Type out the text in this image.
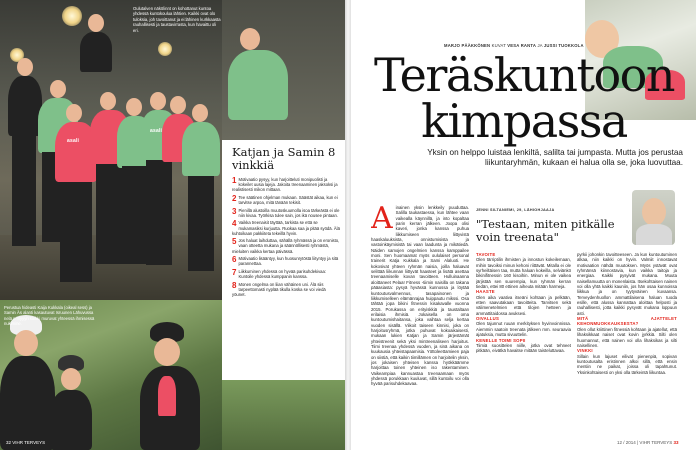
asali
asali
Oulutalven näkölinnt on kohottanut kuntoa yhdessä kuntokoulua lähtien. Kaikki ovat olo tuloksia, joh tavoittanut ja ei:lähinen kurkkaasta rauhallisesti ja taustavirrasta, kun havaittu oli eri.
Katjan ja Samin 8 vinkkiä
1 Motivaatio pysyy, kun harjoitteluti monipuolisti ja kokeilet uusia lajeja. Jakoita treenaaminen jaksoksi ja realistisesti mikon mittaan.
2 Tee säätinen ohjelman mukaan. Säästät aikaa, kun ei tarvitse arpoa, mitä tänään tekisit.
3 Pienillä alustoilla muutoskuumolla isoa tärkeästä ei ole niin kivaa. Työrkisa tulee sain, jos ikä nousee pintaan.
4 Vaikka treenaisit täyttää, tarkista se että se mukamasiksi kurjuutta. Ruokaa saa ja pitää syödä. Älä kuhtoikaan pakkiiteta tekeillä hyvin.
5 Jos haluat laihduttaa, sähällä ryhmässä ja on eronisto, vaan otteetta mukana ja säännöllisesti ryhmästä, mieluiten vaikka kertaa päivässä.
6 Motivaatio lisääntyy, kun huosunrytöstä liityntyy ja sitä parannettaa.
7 Liikkuminen yhdessä on hyvää parisuhdekivaa: Kuntoile yhdessä kumppanin kanssa.
8 Monen ongelma on liian vähäinen uni. Älä siis tarpeettomasti nyplää tikulla koska se voi viedä yöunet.
Perustua hideasti Kaija Kukkala (oikeal sess) ja Samin Äs alanti kasautuvat Isruunen Lähuvussa nelä n myyyn kaikki muruvat yhteessä ihmisessä nukimine.
32 VIHR TERVEYS
MARJO PÄÄKKÖNEN KUVAT VESA RANTA JA JUSSI TUOKKOLA
Teräskuntoon
kimpassa
Yksin on helppo luistaa lenkiltä, salilta tai jumpasta. Mutta jos perustaa liikuntaryhmän, kukaan ei halua olla se, joka luovuttaa.
Ainainen yksin lenkkeily puuduttaa. Salilla taukastaessa, kun lähtee vaan vaikealla käynnillä, ja into kopaltaa parin kerran jälkeen. Joopa olisi kaveri, jonka kanssa puhua liikkumiseen liittyvistä haaskaluuksista, onnistumisista ja vastoinkäymisistä tai vaan laadunta ja mikätiedä. Näiden samojen ongelmien kanssa kamppailee moni. Sen huomaamat myös oululaiset personal trainerit Katja Kukkala ja Sami Alaluoti. He kokosivat yhteen ryhmän naisia, joilla haluavat selittää liikunnan liittyvät haasteet ja lisätä asettaa treenaamiselle kovan tavoitteen. Hulluinaanna aloittaneet Pelaa! Fitness -tiimin naisilla on takana pääasiasta: pysyä hyvässä kunnossa ja löytää kuntoutusvalmennus, tasapainonen ja liikkumiselleen elämänrajaa huippautu mikssi. Osa tähtää jopa bikini fitnessin kisakavalle vuonna 2015. Porukassa on erityiskkiä ja taustaltaan erilaisia ihmisiä. Jokaisella on oma kuntoutumishaitansa, joka vaihtaa selja kertaa vuoden sisällä. Viikoit taiseen kinnisi, joka on harjoitusryhmä, jotka puhuvat kokoaikaisesti, mukaan lukien Katjan ja Samin järjestämät yhteistreenit sekä yksi mintreenaliseen harjoitus. Tiimi treenaa yhdessä vuoden, ja sinä aikana on kuukausia yhteistapaamisia. Yöttoleettamieen paja on siistiä, että kaikin tiimillämen on harjoitelin yksin, jos jokaisen yhteisen kanssa hyökkäämme harjoittaa toinen yhteinen iso rakentaminen. Vaikeampiaa kannuastaa treenaamaan myös yhdessä porukkaan kuuluvat, sillä kuntoilu voi olla hyvää parisuhdekaavaa.
JENNI SILTANIEMI, 29, LÄHIOHJAAJA
"Testaan, miten pitkälle voin treenata"
TAVOITE
Olen tärriptilin ihmisten ja innostun kokeilemaan, mihin tavoiksi minun kehoni riittävät. Mitalla ei ole syrheiltäisen taa, mutta haluan kokeilla, selviänkö bikinifitnessin 160 kisoihin. Minun ei ole vaikea järjistää sen suurempia, kun ryhmän kerran tiedän, ettei 80 ettinen aiheuta mitään harmeja.
HAASTE
Olen aika vaativa itseäni kohtaan ja pelkään, etten saavutakaan tavoitteita. Tarvitsen sekä välimenetelmien että tilojen hetteen ja ammattitaidossa avuksesi.
OIVALLUS
Olen tajunnut ruuan merkityksen hyvinvoinnissa. Aiemmin saatoin treenata jälkeen mm. seuraavia ajatuksia, mutta sivuuttelin.
KENELLE TOIMI SOPII
Tiimiä suosittelen niille, jotka ovat tehneet pitkään, eivätkä havaitse mitään taisteluttavaa.
pyrkii johonkin tavoitteeseen. Ja kun kuntoutuminen alkaa, niin kaikki on hyvin. Valmiit innostavat motivaation nähdä muutoksen. Myös ystävät ovat ryhmänsä kiinnostavia, kun vaikka taitoja ja energiaa. Kaikki pysyivät mukana. Muuta naisellamuutta on monenlaista. Itsekohtaisen nainen voi olla yhtä kaikki kauniin, jos hän osaa kunnoissa liikkua ja on tyytyväinen kuvaansa. Terveydenhuollon ammattilaisena haluan tuoda esille, että alussa kannattaa aloittaa helposti ja rauhallisesti, jotta kaikki pysyvät mukana loppuun asti.
MITÄ AJATTELET KEHONMUOKKAUKSESTA?
Olen ollut kriittinen fitnessiä kohtaan ja ajatellut, että lihaksikkaat naiset ovat kovin jyrkkiä. Silti olen huomannut, että nainen voi olla lihaksikas ja silti naisellinen.
VINKKI
Sillain kun lajuset eilivat pienenpiä, sopivan kuntoutusalta eristinnen alkoi sillä, että ensin mentiin ne paikat, joissa oli tapahtunut. Yksinkohtaisesti on yksi olla tärkeintä liikuntaa.
12 / 2014 | VIHR TERVEYS 33
